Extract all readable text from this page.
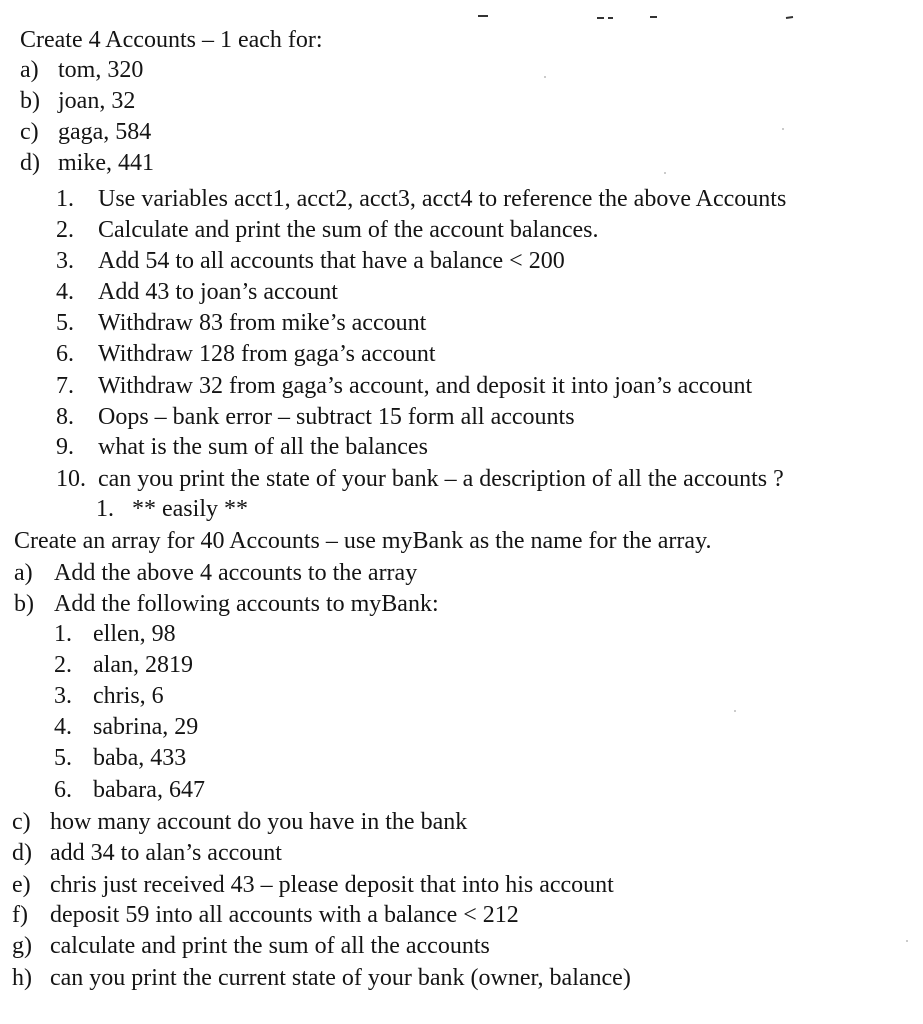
Create 4 Accounts – 1 each for:
a) tom, 320
b) joan, 32
c) gaga, 584
d) mike, 441
1. Use variables acct1, acct2, acct3, acct4 to reference the above Accounts
2. Calculate and print the sum of the account balances.
3. Add 54 to all accounts that have a balance < 200
4. Add 43 to joan’s account
5. Withdraw 83 from mike’s account
6. Withdraw 128 from gaga’s account
7. Withdraw 32 from gaga’s account, and deposit it into joan’s account
8. Oops – bank error – subtract 15 form all accounts
9. what is the sum of all the balances
10. can you print the state of your bank – a description of all the accounts ?
1. ** easily **
Create an array for 40 Accounts – use myBank as the name for the array.
a) Add the above 4 accounts to the array
b) Add the following accounts to myBank:
1. ellen, 98
2. alan, 2819
3. chris, 6
4. sabrina, 29
5. baba, 433
6. babara, 647
c) how many account do you have in the bank
d) add 34 to alan’s account
e) chris just received 43 – please deposit that into his account
f) deposit 59 into all accounts with a balance < 212
g) calculate and print the sum of all the accounts
h) can you print the current state of your bank (owner, balance)
